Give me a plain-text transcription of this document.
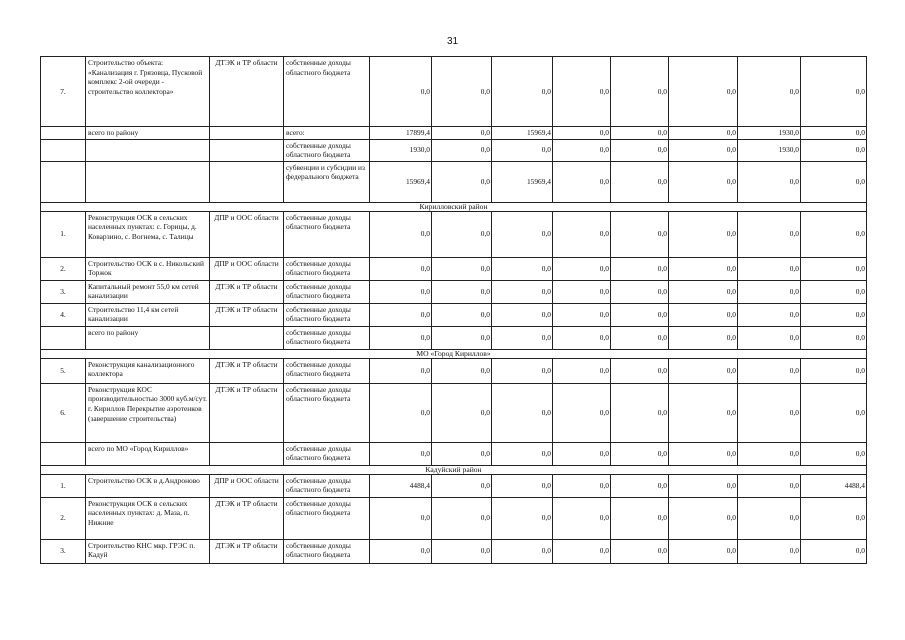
31
7.	Строительство объекта: «Канализация г. Грязовца, Пусковой комплекс 2-ой очереди - строительство коллектора»	ДТЭК и ТР области	собственные доходы областного бюджета	0,0	0,0	0,0	0,0	0,0	0,0	0,0	0,0
	всего по району		всего:	17899,4	0,0	15969,4	0,0	0,0	0,0	1930,0	0,0
			собственные доходы областного бюджета	1930,0	0,0	0,0	0,0	0,0	0,0	1930,0	0,0
			субвенции и субсидии из федерального бюджета	15969,4	0,0	15969,4	0,0	0,0	0,0	0,0	0,0
Кирилловский район											
1.	Реконструкция ОСК в сельских населенных пунктах: с. Горицы, д. Коварзино, с. Вогнема, с. Талицы	ДПР и ООС области	собственные доходы областного бюджета	0,0	0,0	0,0	0,0	0,0	0,0	0,0	0,0
2.	Строительство ОСК в с. Никольский Торжок	ДПР и ООС области	собственные доходы областного бюджета	0,0	0,0	0,0	0,0	0,0	0,0	0,0	0,0
3.	Капитальный ремонт 55,0 км сетей канализации	ДТЭК и ТР области	собственные доходы областного бюджета	0,0	0,0	0,0	0,0	0,0	0,0	0,0	0,0
4.	Строительство 11,4 км сетей канализации	ДТЭК и ТР области	собственные доходы областного бюджета	0,0	0,0	0,0	0,0	0,0	0,0	0,0	0,0
	всего по району		собственные доходы областного бюджета	0,0	0,0	0,0	0,0	0,0	0,0	0,0	0,0
МО «Город Кириллов»											
5.	Реконструкция канализационного коллектора	ДТЭК и ТР области	собственные доходы областного бюджета	0,0	0,0	0,0	0,0	0,0	0,0	0,0	0,0
6.	Реконструкция КОС производительностью 3000 куб.м/сут. г. Кириллов Перекрытие аэротенков (завершение строительства)	ДТЭК и ТР области	собственные доходы областного бюджета	0,0	0,0	0,0	0,0	0,0	0,0	0,0	0,0
	всего по МО «Город Кириллов»		собственные доходы областного бюджета	0,0	0,0	0,0	0,0	0,0	0,0	0,0	0,0
Кадуйский район											
1.	Строительство ОСК в д.Андроново	ДПР и ООС области	собственные доходы областного бюджета	4488,4	0,0	0,0	0,0	0,0	0,0	0,0	4488,4
2.	Реконструкция ОСК в сельских населенных пунктах: д. Маза, п. Нижние	ДТЭК и ТР области	собственные доходы областного бюджета	0,0	0,0	0,0	0,0	0,0	0,0	0,0	0,0
3.	Строительство КНС мкр. ГРЭС п. Кадуй	ДТЭК и ТР области	собственные доходы областного бюджета	0,0	0,0	0,0	0,0	0,0	0,0	0,0	0,0
